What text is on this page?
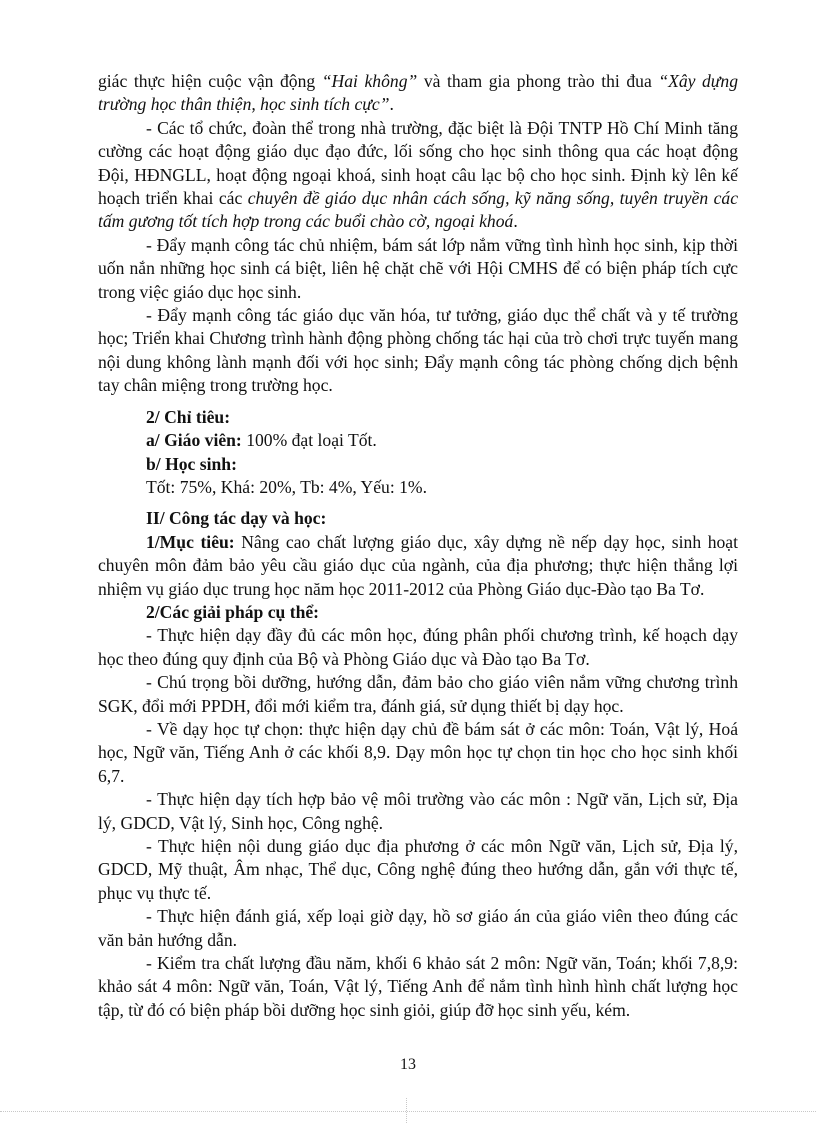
giác thực hiện cuộc vận động “Hai không” và tham gia phong trào thi đua “Xây dựng trường học thân thiện, học sinh tích cực”.

- Các tổ chức, đoàn thể trong nhà trường, đặc biệt là Đội TNTP Hồ Chí Minh tăng cường các hoạt động giáo dục đạo đức, lối sống cho học sinh thông qua các hoạt động Đội, HĐNGLL, hoạt động ngoại khoá, sinh hoạt câu lạc bộ cho học sinh. Định kỳ lên kế hoạch triển khai các chuyên đề giáo dục nhân cách sống, kỹ năng sống, tuyên truyền các tấm gương tốt tích hợp trong các buổi chào cờ, ngoại khoá.

- Đẩy mạnh công tác chủ nhiệm, bám sát lớp nắm vững tình hình học sinh, kịp thời uốn nắn những học sinh cá biệt, liên hệ chặt chẽ với Hội CMHS để có biện pháp tích cực trong việc giáo dục học sinh.

- Đẩy mạnh công tác giáo dục văn hóa, tư tưởng, giáo dục thể chất và y tế trường học; Triển khai Chương trình hành động phòng chống tác hại của trò chơi trực tuyến mang nội dung không lành mạnh đối với học sinh; Đẩy mạnh công tác phòng chống dịch bệnh tay chân miệng trong trường học.

2/ Chỉ tiêu:

a/ Giáo viên: 100% đạt loại Tốt.

b/ Học sinh:

Tốt: 75%, Khá: 20%, Tb: 4%, Yếu: 1%.

II/ Công tác dạy và học:

1/Mục tiêu: Nâng cao chất lượng giáo dục, xây dựng nề nếp dạy học, sinh hoạt chuyên môn đảm bảo yêu cầu giáo dục của ngành, của địa phương; thực hiện thắng lợi nhiệm vụ giáo dục trung học năm học 2011-2012 của Phòng Giáo dục-Đào tạo Ba Tơ.

2/Các giải pháp cụ thể:

- Thực hiện dạy đầy đủ các môn học, đúng phân phối chương trình, kế hoạch dạy học theo đúng quy định của Bộ và Phòng Giáo dục và Đào tạo Ba Tơ.

- Chú trọng bồi dưỡng, hướng dẫn, đảm bảo cho giáo viên nắm vững chương trình SGK, đổi mới PPDH, đổi mới kiểm tra, đánh giá, sử dụng thiết bị dạy học.

- Về dạy học tự chọn: thực hiện dạy chủ đề bám sát ở các môn: Toán, Vật lý, Hoá học, Ngữ văn, Tiếng Anh ở các khối 8,9. Dạy môn học tự chọn tin học cho học sinh khối 6,7.

- Thực hiện dạy tích hợp bảo vệ môi trường vào các môn : Ngữ văn, Lịch sử, Địa lý, GDCD, Vật lý, Sinh học, Công nghệ.

- Thực hiện nội dung giáo dục địa phương ở các môn Ngữ văn, Lịch sử, Địa lý, GDCD, Mỹ thuật, Âm nhạc, Thể dục, Công nghệ đúng theo hướng dẫn, gắn với thực tế, phục vụ thực tế.

- Thực hiện đánh giá, xếp loại giờ dạy, hồ sơ giáo án của giáo viên theo đúng các văn bản hướng dẫn.

- Kiểm tra chất lượng đầu năm, khối 6 khảo sát 2 môn: Ngữ văn, Toán; khối 7,8,9: khảo sát 4 môn: Ngữ văn, Toán, Vật lý, Tiếng Anh để nắm tình hình hình chất lượng học tập, từ đó có biện pháp bồi dưỡng học sinh giỏi, giúp đỡ học sinh yếu, kém.

13
